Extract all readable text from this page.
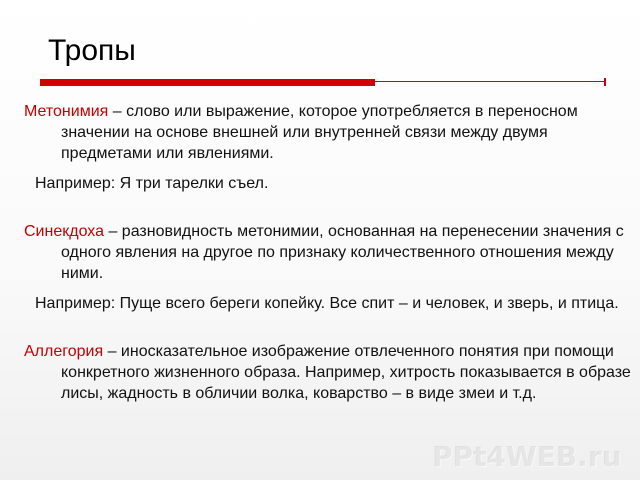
Тропы

Метонимия – слово или выражение, которое употребляется в переносном значении на основе внешней или внутренней связи между двумя предметами или явлениями.

Например: Я три тарелки съел.

Синекдоха – разновидность метонимии, основанная на перенесении значения с одного явления на другое по признаку количественного отношения между ними.

Например: Пуще всего береги копейку. Все спит – и человек, и зверь, и птица.

Аллегория – иносказательное изображение отвлеченного понятия при помощи конкретного жизненного образа. Например, хитрость показывается в образе лисы, жадность в обличии волка, коварство – в виде змеи и т.д.

PPt4WEB.ru
